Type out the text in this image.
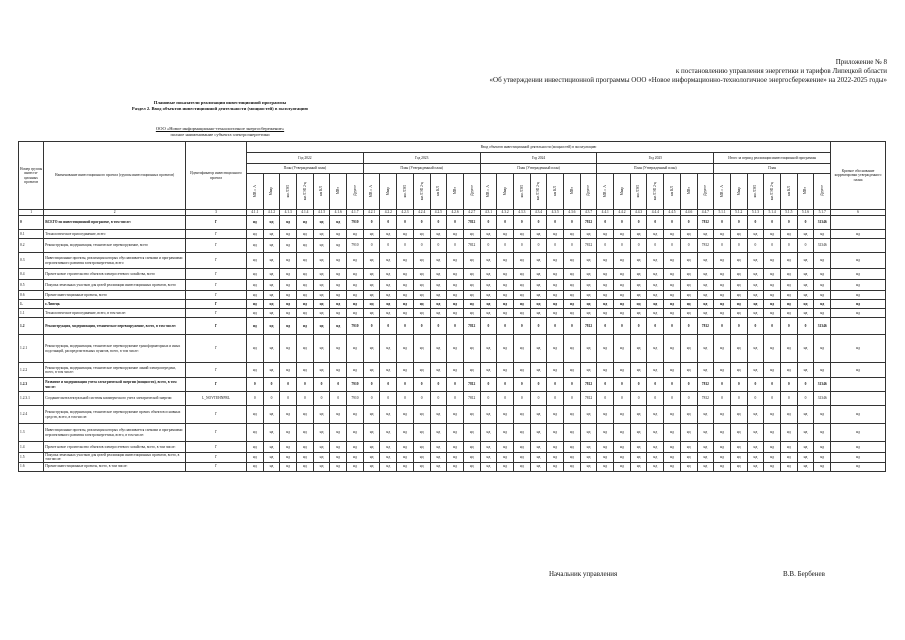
Приложение № 8
к постановлению управления энергетики и тарифов Липецкой области
«Об утверждении инвестиционной программы ООО «Новое информационно-технологичное энергосбережение» на 2022-2025 годы»
Плановые показатели реализации инвестиционной программы
Раздел 2. Ввод объектов инвестиционной деятельности (мощностей) в эксплуатацию
ООО «Новое информационно-технологичное энергосбережение»
полное наименование субъекта электроэнергетики
Номер группы инвести-ционных проектов	Наименование инвестиционного проекта (группы инвестиционных проектов)	Идентификатор инвестиционного проекта	Ввод объектов инвестиционной деятельности (мощностей) в эксплуатацию																																			Краткое обоснование корректировки утвержденного плана
			Год 2022							Год 2023							Год 2024							Год 2025							Итого за период реализации инвестиционной программы							
			План (Утвержденный план)							План (Утвержденный план)							План (Утвержденный план)							План (Утвержденный план)							План							
			МВ×А	Мвар	км ЛЭП	км ЛЭП 2-ц	км КЛ	МВт	Другое	МВ×А	Мвар	км ЛЭП	км ЛЭП 2-ц	км КЛ	МВт	Другое	МВ×А	Мвар	км ЛЭП	км ЛЭП 2-ц	км КЛ	МВт	Другое	МВ×А	Мвар	км ЛЭП	км ЛЭП 2-ц	км КЛ	МВт	Другое	МВ×А	Мвар	км ЛЭП	км ЛЭП 2-ц	км КЛ	МВт	Другое	
1	2	3	4.1.1	4.1.2	4.1.3	4.1.4	4.1.5	4.1.6	4.1.7	4.2.1	4.2.2	4.2.3	4.2.4	4.2.5	4.2.6	4.2.7	4.3.1	4.3.2	4.3.3	4.3.4	4.3.5	4.3.6	4.3.7	4.4.1	4.4.2	4.4.3	4.4.4	4.4.5	4.4.6	4.4.7	5.1.1	5.1.2	5.1.3	5.1.4	5.1.5	5.1.6	5.1.7	6
0	ВСЕГО по инвестиционной программе, в том числе:	Г	нд	нд	нд	нд	нд	нд	7910	0	0	0	0	0	0	7812	0	0	0	0	0	0	7812	0	0	0	0	0	0	7812	0	0	0	0	0	0	31346	
0.1	Технологическое присоединение, всего	Г	нд	нд	нд	нд	нд	нд	нд	нд	нд	нд	нд	нд	нд	нд	нд	нд	нд	нд	нд	нд	нд	нд	нд	нд	нд	нд	нд	нд	нд	нд	нд	нд	нд	нд	нд	нд
0.2	Реконструкция, модернизация, техническое перевооружение, всего	Г	нд	нд	нд	нд	нд	нд	7910	0	0	0	0	0	0	7812	0	0	0	0	0	0	7812	0	0	0	0	0	0	7812	0	0	0	0	0	0	31346	
0.3	Инвестиционные проекты, реализация которых обуславливается схемами и программами перспективного развития электроэнергетики, всего	Г	нд	нд	нд	нд	нд	нд	нд	нд	нд	нд	нд	нд	нд	нд	нд	нд	нд	нд	нд	нд	нд	нд	нд	нд	нд	нд	нд	нд	нд	нд	нд	нд	нд	нд	нд	нд
0.4	Прочее новое строительство объектов электросетевого хозяйства, всего	Г	нд	нд	нд	нд	нд	нд	нд	нд	нд	нд	нд	нд	нд	нд	нд	нд	нд	нд	нд	нд	нд	нд	нд	нд	нд	нд	нд	нд	нд	нд	нд	нд	нд	нд	нд	нд
0.5	Покупка земельных участков для целей реализации инвестиционных проектов, всего	Г	нд	нд	нд	нд	нд	нд	нд	нд	нд	нд	нд	нд	нд	нд	нд	нд	нд	нд	нд	нд	нд	нд	нд	нд	нд	нд	нд	нд	нд	нд	нд	нд	нд	нд	нд	нд
0.6	Прочие инвестиционные проекты, всего	Г	нд	нд	нд	нд	нд	нд	нд	нд	нд	нд	нд	нд	нд	нд	нд	нд	нд	нд	нд	нд	нд	нд	нд	нд	нд	нд	нд	нд	нд	нд	нд	нд	нд	нд	нд	нд
1.	г.Липецк	Г	нд	нд	нд	нд	нд	нд	нд	нд	нд	нд	нд	нд	нд	нд	нд	нд	нд	нд	нд	нд	нд	нд	нд	нд	нд	нд	нд	нд	нд	нд	нд	нд	нд	нд	нд	нд
1.1	Технологическое присоединение, всего, в том числе:	Г	нд	нд	нд	нд	нд	нд	нд	нд	нд	нд	нд	нд	нд	нд	нд	нд	нд	нд	нд	нд	нд	нд	нд	нд	нд	нд	нд	нд	нд	нд	нд	нд	нд	нд	нд	нд
1.2	Реконструкция, модернизация, техническое перевооружение, всего, в том числе:	Г	нд	нд	нд	нд	нд	нд	7910	0	0	0	0	0	0	7812	0	0	0	0	0	0	7812	0	0	0	0	0	0	7812	0	0	0	0	0	0	31346	
1.2.1	Реконструкция, модернизация, техническое перевооружение трансформаторных и иных подстанций, распределительных пунктов, всего, в том числе:	Г	нд	нд	нд	нд	нд	нд	нд	нд	нд	нд	нд	нд	нд	нд	нд	нд	нд	нд	нд	нд	нд	нд	нд	нд	нд	нд	нд	нд	нд	нд	нд	нд	нд	нд	нд	нд
1.2.2	Реконструкция, модернизация, техническое перевооружение линий электропередачи, всего, в том числе:	Г	нд	нд	нд	нд	нд	нд	нд	нд	нд	нд	нд	нд	нд	нд	нд	нд	нд	нд	нд	нд	нд	нд	нд	нд	нд	нд	нд	нд	нд	нд	нд	нд	нд	нд	нд	нд
1.2.3	Развитие и модернизация учета электрической энергии (мощности), всего, в том числе:	Г	0	0	0	0	0	0	7910	0	0	0	0	0	0	7812	0	0	0	0	0	0	7812	0	0	0	0	0	0	7812	0	0	0	0	0	0	31346	
1.2.3.1	Создание интеллектуальной системы коммерческого учета электрической энергии	L_NOVTEHNPRL	0	0	0	0	0	0	7910	0	0	0	0	0	0	7812	0	0	0	0	0	0	7812	0	0	0	0	0	0	7812	0	0	0	0	0	0	31346	
1.2.4	Реконструкция, модернизация, техническое перевооружение прочих объектов основных средств, всего, в том числе:	Г	нд	нд	нд	нд	нд	нд	нд	нд	нд	нд	нд	нд	нд	нд	нд	нд	нд	нд	нд	нд	нд	нд	нд	нд	нд	нд	нд	нд	нд	нд	нд	нд	нд	нд	нд	нд
1.3	Инвестиционные проекты, реализация которых обуславливается схемами и программами перспективного развития электроэнергетики, всего, в том числе:	Г	нд	нд	нд	нд	нд	нд	нд	нд	нд	нд	нд	нд	нд	нд	нд	нд	нд	нд	нд	нд	нд	нд	нд	нд	нд	нд	нд	нд	нд	нд	нд	нд	нд	нд	нд	нд
1.4	Прочее новое строительство объектов электросетевого хозяйства, всего, в том числе:	Г	нд	нд	нд	нд	нд	нд	нд	нд	нд	нд	нд	нд	нд	нд	нд	нд	нд	нд	нд	нд	нд	нд	нд	нд	нд	нд	нд	нд	нд	нд	нд	нд	нд	нд	нд	нд
1.5	Покупка земельных участков для целей реализации инвестиционных проектов, всего, в том числе:	Г	нд	нд	нд	нд	нд	нд	нд	нд	нд	нд	нд	нд	нд	нд	нд	нд	нд	нд	нд	нд	нд	нд	нд	нд	нд	нд	нд	нд	нд	нд	нд	нд	нд	нд	нд	нд
1.6	Прочие инвестиционные проекты, всего, в том числе:	Г	нд	нд	нд	нд	нд	нд	нд	нд	нд	нд	нд	нд	нд	нд	нд	нд	нд	нд	нд	нд	нд	нд	нд	нд	нд	нд	нд	нд	нд	нд	нд	нд	нд	нд	нд	нд
Начальник управления	В.В. Бербенев
